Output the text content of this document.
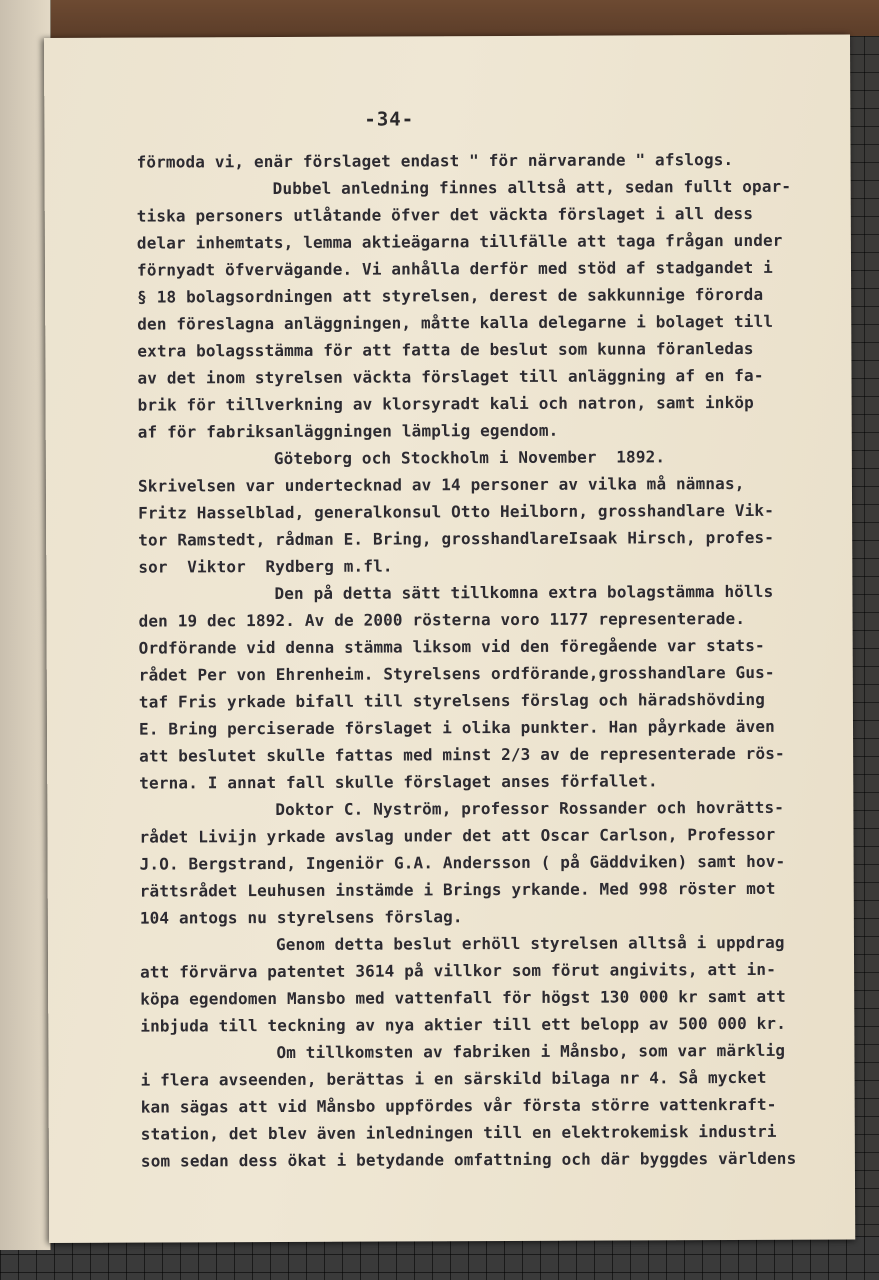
-34-
förmoda vi, enär förslaget endast " för närvarande " afslogs.
Dubbel anledning finnes alltså att, sedan fullt opar-
tiska personers utlåtande öfver det väckta förslaget i all dess
delar inhemtats, lemma aktieägarna tillfälle att taga frågan under
förnyadt öfvervägande. Vi anhålla derför med stöd af stadgandet i
§ 18 bolagsordningen att styrelsen, derest de sakkunnige förorda
den föreslagna anläggningen, måtte kalla delegarne i bolaget till
extra bolagsstämma för att fatta de beslut som kunna föranledas
av det inom styrelsen väckta förslaget till anläggning af en fa-
brik för tillverkning av klorsyradt kali och natron, samt inköp
af för fabriksanläggningen lämplig egendom.
Göteborg och Stockholm i November  1892.
Skrivelsen var undertecknad av 14 personer av vilka må nämnas,
Fritz Hasselblad, generalkonsul Otto Heilborn, grosshandlare Vik-
tor Ramstedt, rådman E. Bring, grosshandlareIsaak Hirsch, profes-
sor  Viktor  Rydberg m.fl.
Den på detta sätt tillkomna extra bolagstämma hölls
den 19 dec 1892. Av de 2000 rösterna voro 1177 representerade.
Ordförande vid denna stämma liksom vid den föregående var stats-
rådet Per von Ehrenheim. Styrelsens ordförande,grosshandlare Gus-
taf Fris yrkade bifall till styrelsens förslag och häradshövding
E. Bring perciserade förslaget i olika punkter. Han påyrkade även
att beslutet skulle fattas med minst 2/3 av de representerade rös-
terna. I annat fall skulle förslaget anses förfallet.
Doktor C. Nyström, professor Rossander och hovrätts-
rådet Livijn yrkade avslag under det att Oscar Carlson, Professor
J.O. Bergstrand, Ingeniör G.A. Andersson ( på Gäddviken) samt hov-
rättsrådet Leuhusen instämde i Brings yrkande. Med 998 röster mot
104 antogs nu styrelsens förslag.
Genom detta beslut erhöll styrelsen alltså i uppdrag
att förvärva patentet 3614 på villkor som förut angivits, att in-
köpa egendomen Mansbo med vattenfall för högst 130 000 kr samt att
inbjuda till teckning av nya aktier till ett belopp av 500 000 kr.
Om tillkomsten av fabriken i Månsbo, som var märklig
i flera avseenden, berättas i en särskild bilaga nr 4. Så mycket
kan sägas att vid Månsbo uppfördes vår första större vattenkraft-
station, det blev även inledningen till en elektrokemisk industri
som sedan dess ökat i betydande omfattning och där byggdes världens
